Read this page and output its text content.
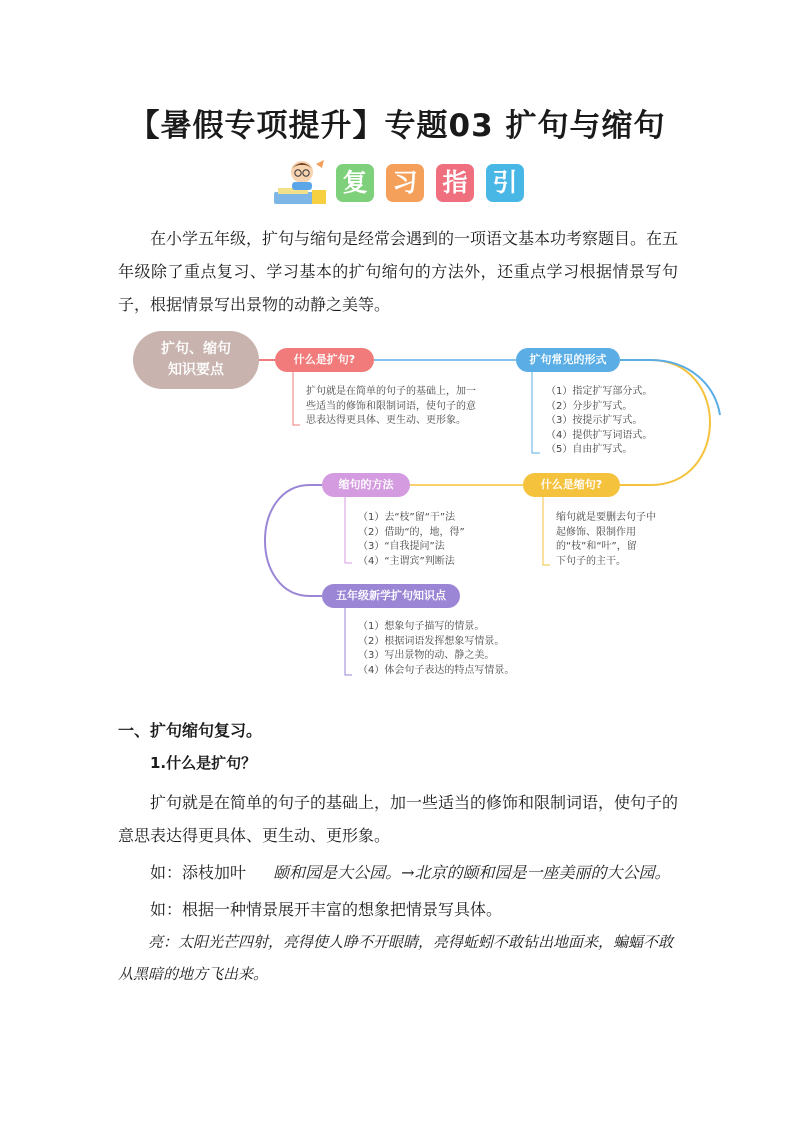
【暑假专项提升】专题03 扩句与缩句
复 习 指 引
在小学五年级，扩句与缩句是经常会遇到的一项语文基本功考察题目。在五年级除了重点复习、学习基本的扩句缩句的方法外，还重点学习根据情景写句子，根据情景写出景物的动静之美等。
扩句、缩句
知识要点
什么是扩句?
扩句就是在简单的句子的基础上，加一
些适当的修饰和限制词语，使句子的意
思表达得更具体、更生动、更形象。
扩句常见的形式
（1）指定扩写部分式。
（2）分步扩写式。
（3）按提示扩写式。
（4）提供扩写词语式。
（5）自由扩写式。
什么是缩句?
缩句就是要删去句子中
起修饰、限制作用
的“枝”和“叶”，留
下句子的主干。
缩句的方法
（1）去“枝”留“干”法
（2）借助“的，地，得”
（3）“自我提问”法
（4）“主谓宾”判断法
五年级新学扩句知识点
（1）想象句子描写的情景。
（2）根据词语发挥想象写情景。
（3）写出景物的动、静之美。
（4）体会句子表达的特点写情景。
一、扩句缩句复习。
1.什么是扩句？
扩句就是在简单的句子的基础上，加一些适当的修饰和限制词语，使句子的意思表达得更具体、更生动、更形象。
如：添枝加叶 颐和园是大公园。→北京的颐和园是一座美丽的大公园。
如：根据一种情景展开丰富的想象把情景写具体。
亮：太阳光芒四射，亮得使人睁不开眼睛，亮得蚯蚓不敢钻出地面来，蝙蝠不敢从黑暗的地方飞出来。
